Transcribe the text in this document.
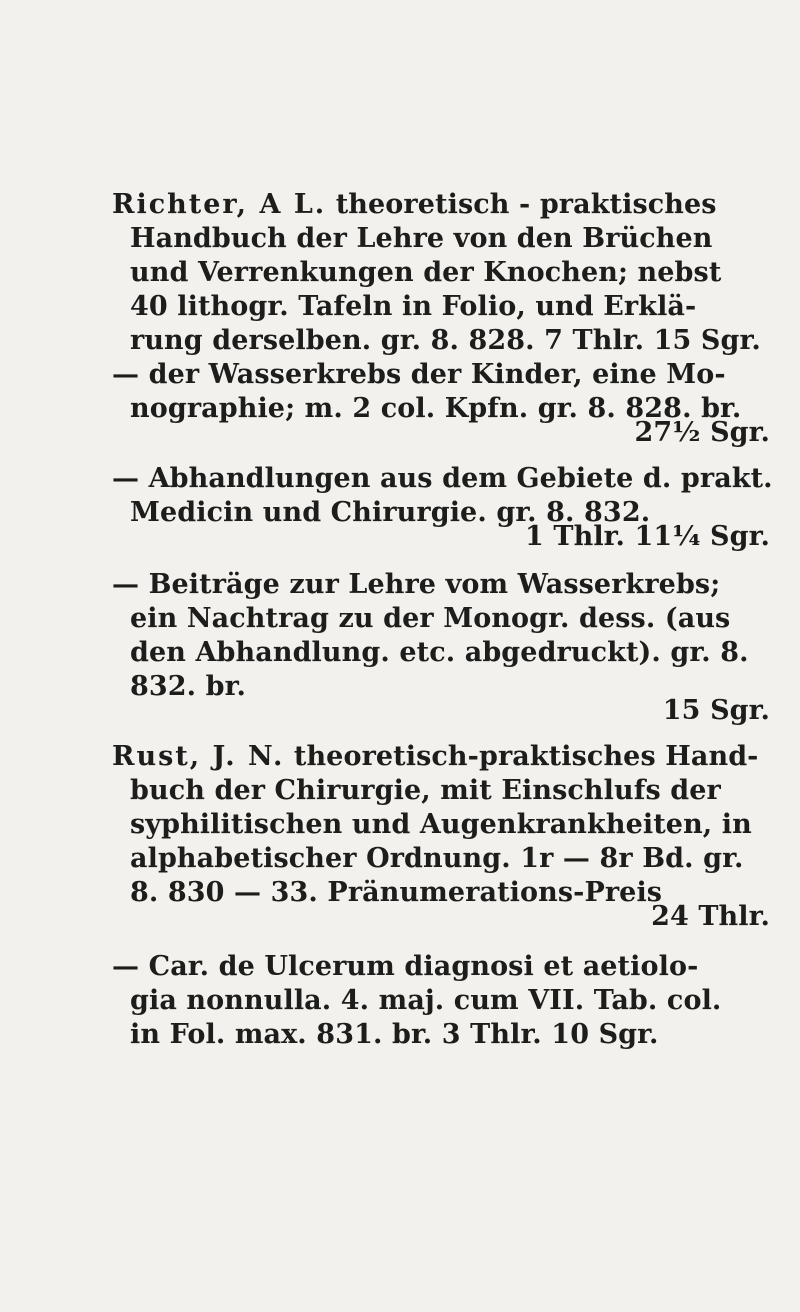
Richter, A L. theoretisch - praktisches
Handbuch der Lehre von den Brüchen
und Verrenkungen der Knochen; nebst
40 lithogr. Tafeln in Folio, und Erklä-
rung derselben. gr. 8. 828. 7 Thlr. 15 Sgr.
— der Wasserkrebs der Kinder, eine Mo-
nographie; m. 2 col. Kpfn. gr. 8. 828. br.
27½ Sgr.
— Abhandlungen aus dem Gebiete d. prakt.
Medicin und Chirurgie. gr. 8. 832.
1 Thlr. 11¼ Sgr.
— Beiträge zur Lehre vom Wasserkrebs;
ein Nachtrag zu der Monogr. dess. (aus
den Abhandlung. etc. abgedruckt). gr. 8.
832. br.
15 Sgr.
Rust, J. N. theoretisch-praktisches Hand-
buch der Chirurgie, mit Einschlufs der
syphilitischen und Augenkrankheiten, in
alphabetischer Ordnung. 1r — 8r Bd. gr.
8. 830 — 33. Pränumerations-Preis
24 Thlr.
— Car. de Ulcerum diagnosi et aetiolo-
gia nonnulla. 4. maj. cum VII. Tab. col.
in Fol. max. 831. br. 3 Thlr. 10 Sgr.
